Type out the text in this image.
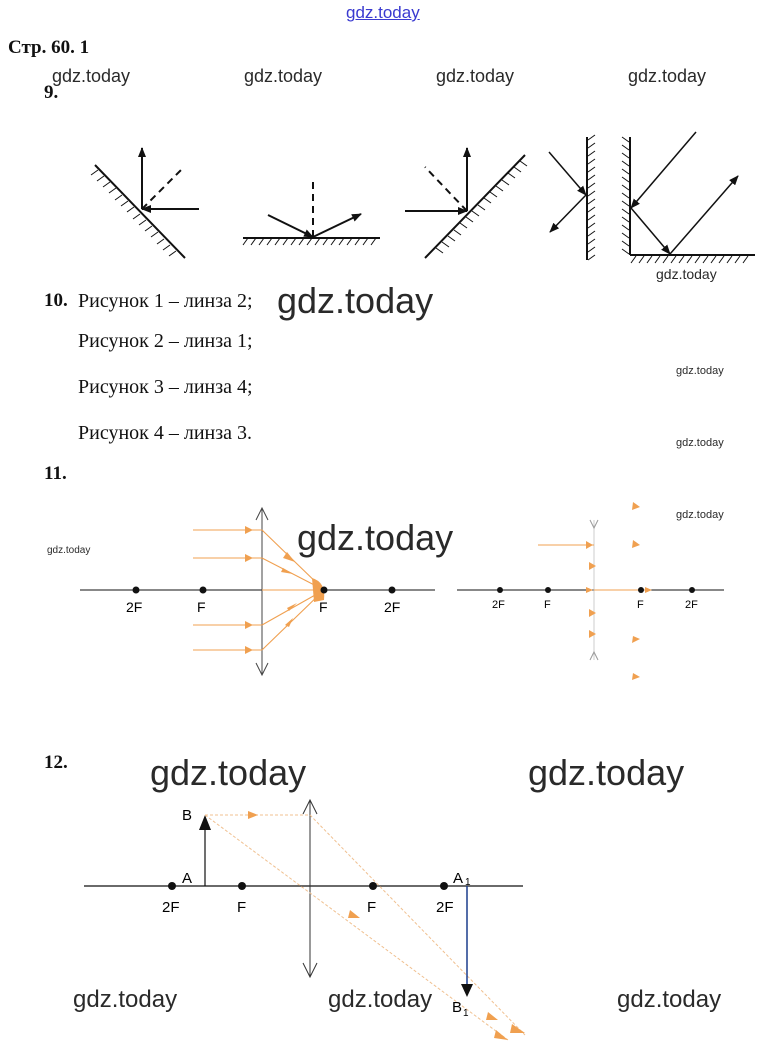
gdz.today
Стр. 60. 1
gdz.today	gdz.today	gdz.today	gdz.today
9.
gdz.today
10. Рисунок 1 – линза 2;
Рисунок 2 – линза 1;
Рисунок 3 – линза 4;
Рисунок 4 – линза 3.
gdz.today
gdz.today
gdz.today
11.
gdz.today
gdz.today
2F	F	F	2F	2F	F	F	2F
B
A
2F	F	F	2F
A 1
B 1
gdz.today
12. gdz.today	gdz.today
gdz.today	gdz.today	gdz.today
